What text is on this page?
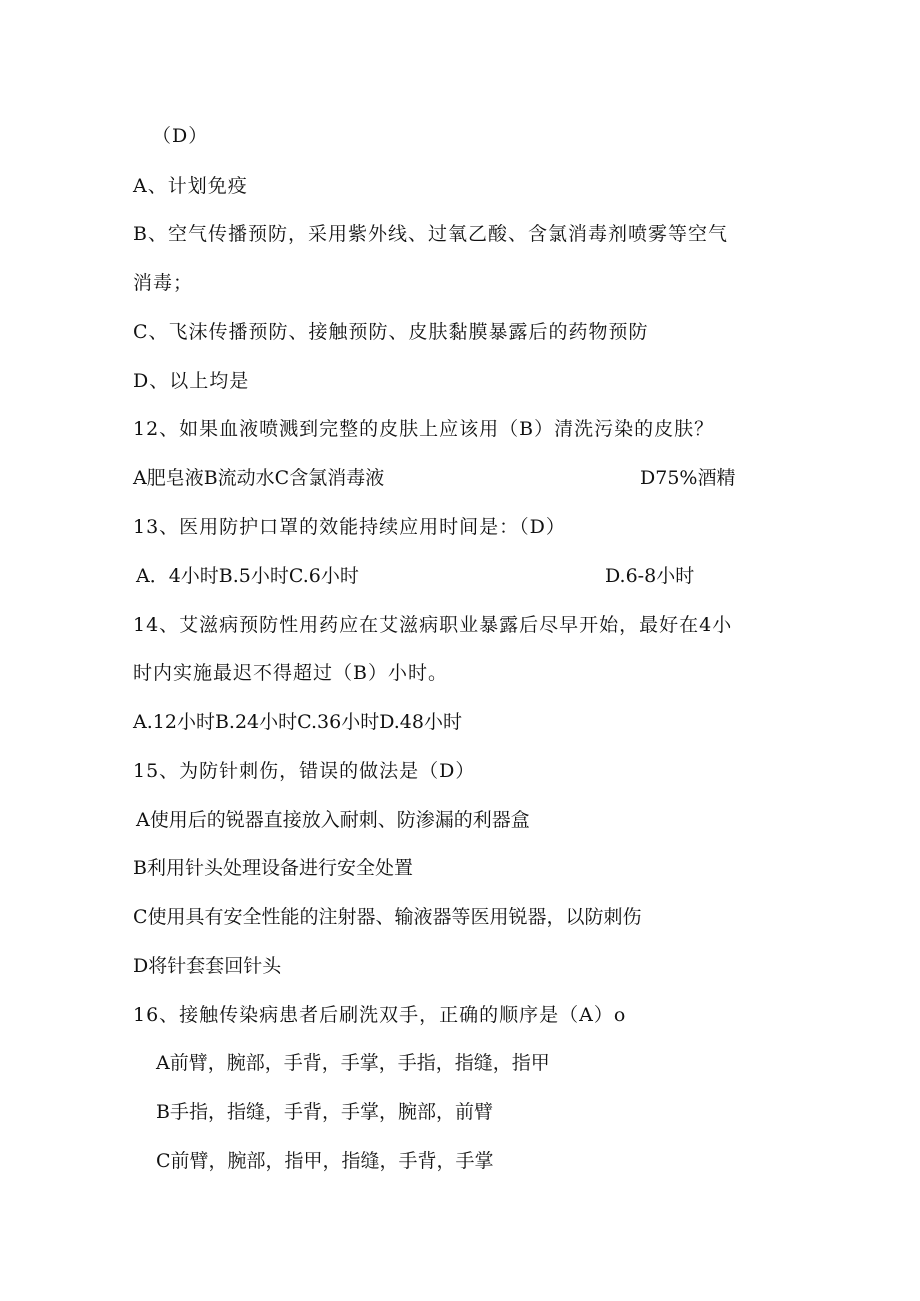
（D）
A、计划免疫
B、空气传播预防，采用紫外线、过氧乙酸、含氯消毒剂喷雾等空气
消毒；
C、飞沫传播预防、接触预防、皮肤黏膜暴露后的药物预防
D、以上均是
12、如果血液喷溅到完整的皮肤上应该用（B）清洗污染的皮肤？
A肥皂液B流动水C含氯消毒液	D75%酒精
13、医用防护口罩的效能持续应用时间是：（D）
A．4小时B.5小时C.6小时	D.6-8小时
14、艾滋病预防性用药应在艾滋病职业暴露后尽早开始，最好在4小
时内实施最迟不得超过（B）小时。
A.12小时B.24小时C.36小时D.48小时
15、为防针刺伤，错误的做法是（D）
A使用后的锐器直接放入耐刺、防渗漏的利器盒
B利用针头处理设备进行安全处置
C使用具有安全性能的注射器、输液器等医用锐器，以防刺伤
D将针套套回针头
16、接触传染病患者后刷洗双手，正确的顺序是（A）o
A前臂，腕部，手背，手掌，手指，指缝，指甲
B手指，指缝，手背，手掌，腕部，前臂
C前臂，腕部，指甲，指缝，手背，手掌
